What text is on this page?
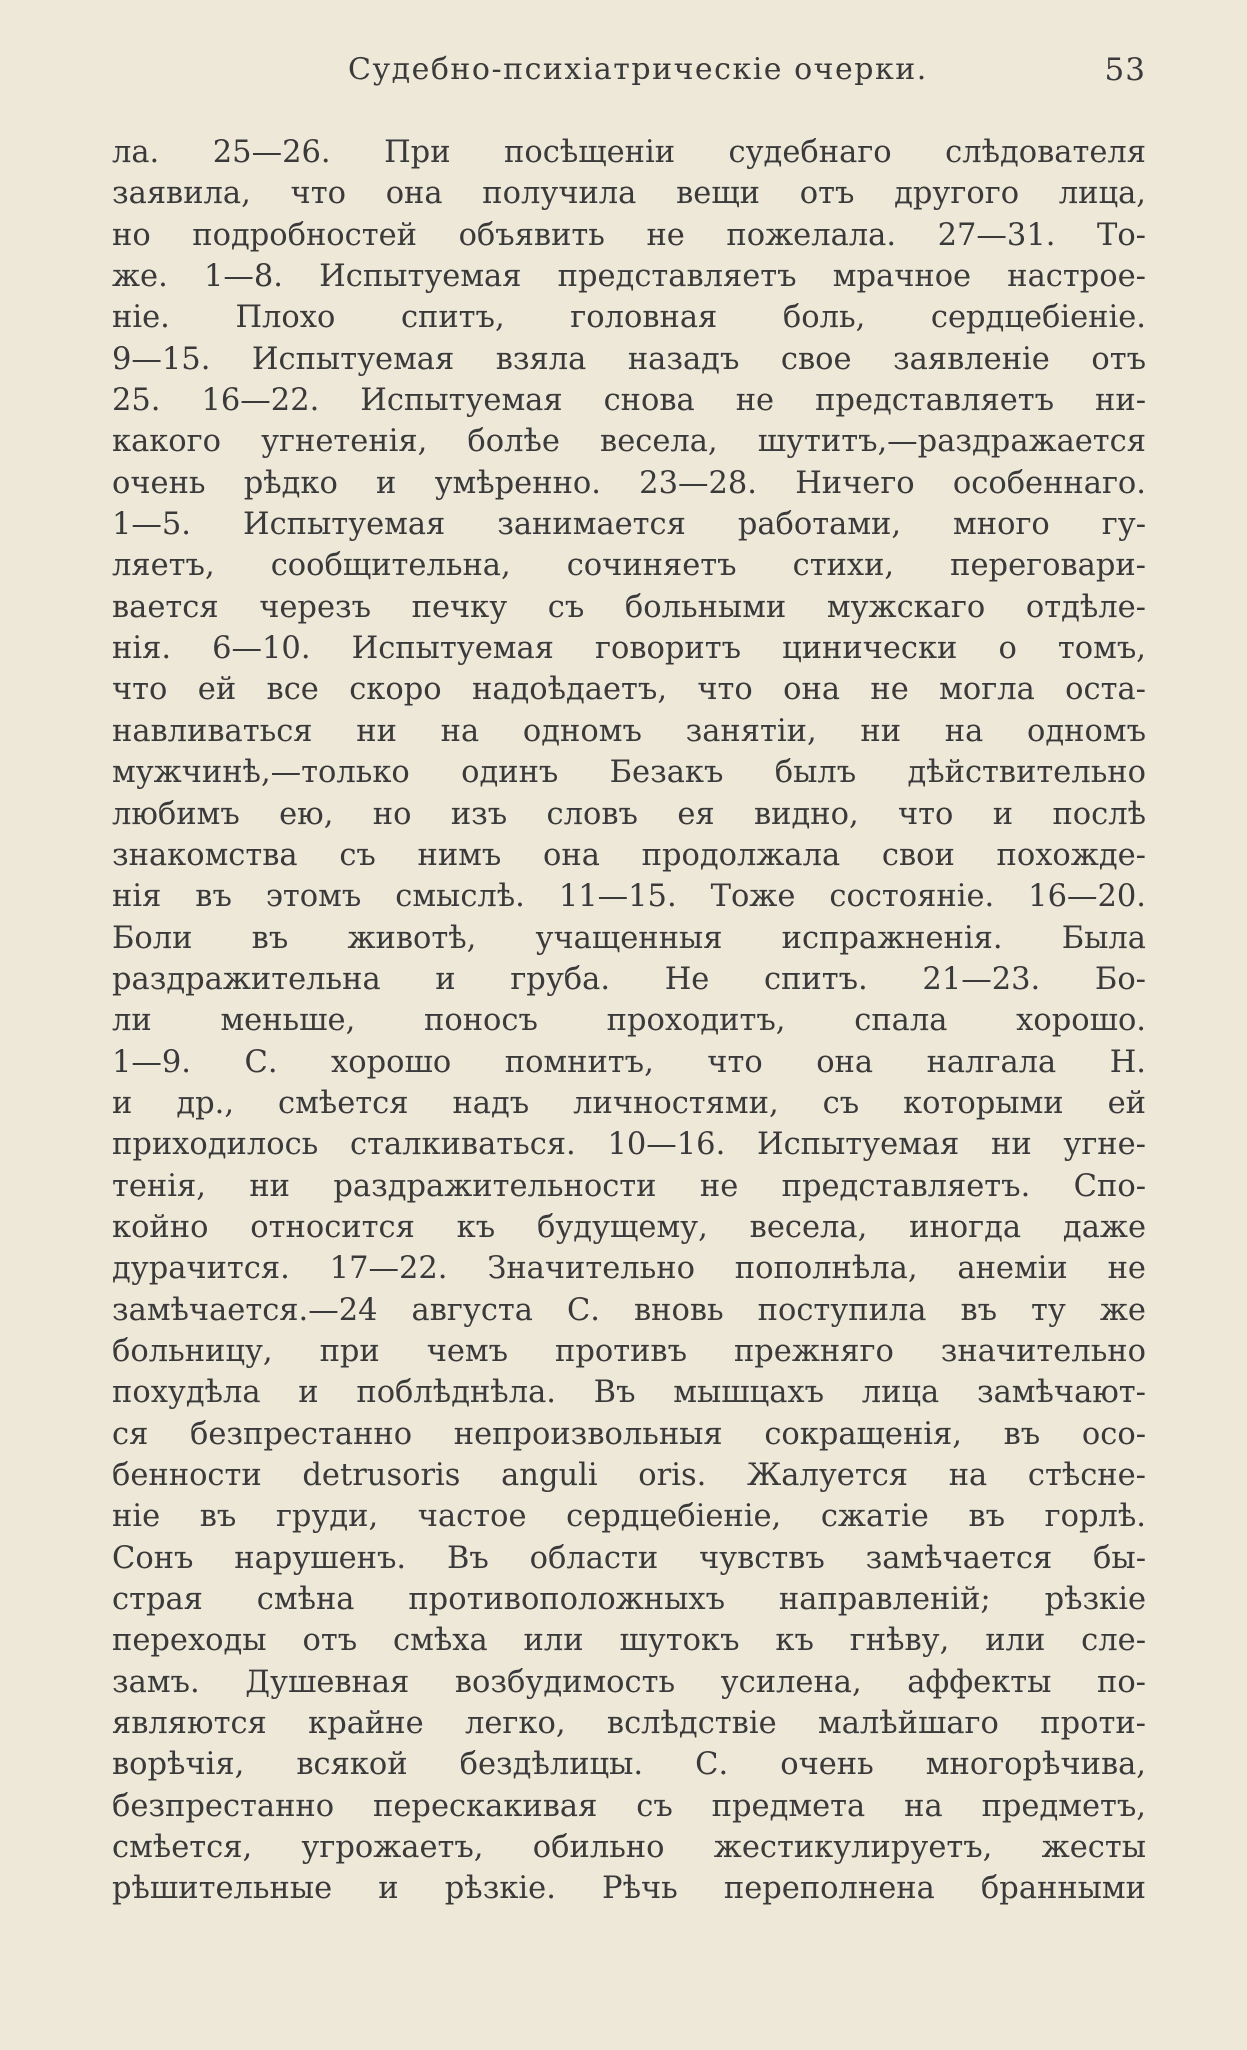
Судебно-психіатрическіе очерки.	53
ла. 25—26. При посѣщеніи судебнаго слѣдователя
заявила, что она получила вещи отъ другого лица,
но подробностей объявить не пожелала. 27—31. То-
же. 1—8. Испытуемая представляетъ мрачное настрое-
ніе. Плохо спитъ, головная боль, сердцебіеніе.
9—15. Испытуемая взяла назадъ свое заявленіе отъ
25. 16—22. Испытуемая снова не представляетъ ни-
какого угнетенія, болѣе весела, шутитъ,—раздражается
очень рѣдко и умѣренно. 23—28. Ничего особеннаго.
1—5. Испытуемая занимается работами, много гу-
ляетъ, сообщительна, сочиняетъ стихи, переговари-
вается черезъ печку съ больными мужскаго отдѣле-
нія. 6—10. Испытуемая говоритъ цинически о томъ,
что ей все скоро надоѣдаетъ, что она не могла оста-
навливаться ни на одномъ занятіи, ни на одномъ
мужчинѣ,—только одинъ Безакъ былъ дѣйствительно
любимъ ею, но изъ словъ ея видно, что и послѣ
знакомства съ нимъ она продолжала свои похожде-
нія въ этомъ смыслѣ. 11—15. Тоже состояніе. 16—20.
Боли въ животѣ, учащенныя испражненія. Была
раздражительна и груба. Не спитъ. 21—23. Бо-
ли меньше, поносъ проходитъ, спала хорошо.
1—9. С. хорошо помнитъ, что она налгала Н.
и др., смѣется надъ личностями, съ которыми ей
приходилось сталкиваться. 10—16. Испытуемая ни угне-
тенія, ни раздражительности не представляетъ. Спо-
койно относится къ будущему, весела, иногда даже
дурачится. 17—22. Значительно пополнѣла, анеміи не
замѣчается.—24 августа С. вновь поступила въ ту же
больницу, при чемъ противъ прежняго значительно
похудѣла и поблѣднѣла. Въ мышцахъ лица замѣчают-
ся безпрестанно непроизвольныя сокращенія, въ осо-
бенности detrusoris anguli oris. Жалуется на стѣсне-
ніе въ груди, частое сердцебіеніе, сжатіе въ горлѣ.
Сонъ нарушенъ. Въ области чувствъ замѣчается бы-
страя смѣна противоположныхъ направленій; рѣзкіе
переходы отъ смѣха или шутокъ къ гнѣву, или сле-
замъ. Душевная возбудимость усилена, аффекты по-
являются крайне легко, вслѣдствіе малѣйшаго проти-
ворѣчія, всякой бездѣлицы. С. очень многорѣчива,
безпрестанно перескакивая съ предмета на предметъ,
смѣется, угрожаетъ, обильно жестикулируетъ, жесты
рѣшительные и рѣзкіе. Рѣчь переполнена бранными
